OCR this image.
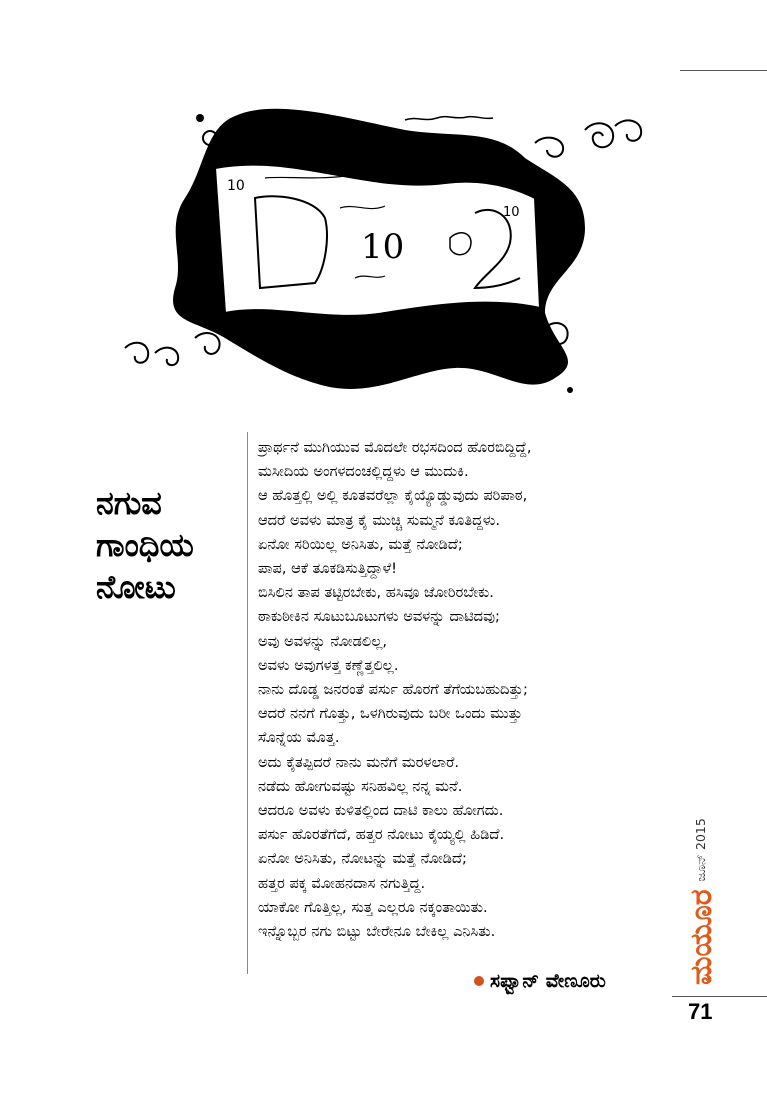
10
10
10
ನಗುವ
ಗಾಂಧಿಯ
ನೋಟು
ಪ್ರಾರ್ಥನೆ ಮುಗಿಯುವ ಮೊದಲೇ ರಭಸದಿಂದ ಹೊರಬಿದ್ದಿದ್ದೆ,
ಮಸೀದಿಯ ಅಂಗಳದಂಚಲ್ಲಿದ್ದಳು ಆ ಮುದುಕಿ.
ಆ ಹೊತ್ತಲ್ಲಿ ಅಲ್ಲಿ ಕೂತವರೆಲ್ಲಾ ಕೈಯ್ಯೊಡ್ಡುವುದು ಪರಿಪಾಠ,
ಆದರೆ ಅವಳು ಮಾತ್ರ ಕೈ ಮುಚ್ಚಿ ಸುಮ್ಮನೆ ಕೂತಿದ್ದಳು.
ಏನೋ ಸರಿಯಿಲ್ಲ ಅನಿಸಿತು, ಮತ್ತೆ ನೋಡಿದೆ;
ಪಾಪ, ಆಕೆ ತೂಕಡಿಸುತ್ತಿದ್ದಾಳೆ!
ಬಿಸಿಲಿನ ತಾಪ ತಟ್ಟಿರಬೇಕು, ಹಸಿವೂ ಜೋರಿರಬೇಕು.
ಠಾಕುಠೀಕಿನ ಸೂಟುಬೂಟುಗಳು ಅವಳನ್ನು ದಾಟಿದವು;
ಅವು ಅವಳನ್ನು ನೋಡಲಿಲ್ಲ,
ಅವಳು ಅವುಗಳತ್ತ ಕಣ್ಣೆತ್ತಲಿಲ್ಲ.
ನಾನು ದೊಡ್ಡ ಜನರಂತೆ ಪರ್ಸು ಹೊರಗೆ ತೆಗೆಯಬಹುದಿತ್ತು;
ಆದರೆ ನನಗೆ ಗೊತ್ತು, ಒಳಗಿರುವುದು ಬರೀ ಒಂದು ಮುತ್ತು
ಸೊನ್ನೆಯ ಮೊತ್ತ.
ಅದು ಕೈತಪ್ಪಿದರೆ ನಾನು ಮನೆಗೆ ಮರಳಲಾರೆ.
ನಡೆದು ಹೋಗುವಷ್ಟು ಸನಿಹವಿಲ್ಲ ನನ್ನ ಮನೆ.
ಆದರೂ ಅವಳು ಕುಳಿತಲ್ಲಿಂದ ದಾಟಿ ಕಾಲು ಹೋಗದು.
ಪರ್ಸು ಹೊರತೆಗೆದೆ, ಹತ್ತರ ನೋಟು ಕೈಯ್ಯಲ್ಲಿ ಹಿಡಿದೆ.
ಏನೋ ಅನಿಸಿತು, ನೋಟನ್ನು ಮತ್ತೆ ನೋಡಿದೆ;
ಹತ್ತರ ಪಕ್ಕ ಮೋಹನದಾಸ ನಗುತ್ತಿದ್ದ.
ಯಾಕೋ ಗೊತ್ತಿಲ್ಲ, ಸುತ್ತ ಎಲ್ಲರೂ ನಕ್ಕಂತಾಯಿತು.
ಇನ್ನೊಬ್ಬರ ನಗು ಬಿಟ್ಟು ಬೇರೇನೂ ಬೇಕಿಲ್ಲ ಎನಿಸಿತು.
ಸಫ್ವಾನ್ ವೇಣೂರು	ಮಯೂರ
ಜೂನ್ 2015
71
